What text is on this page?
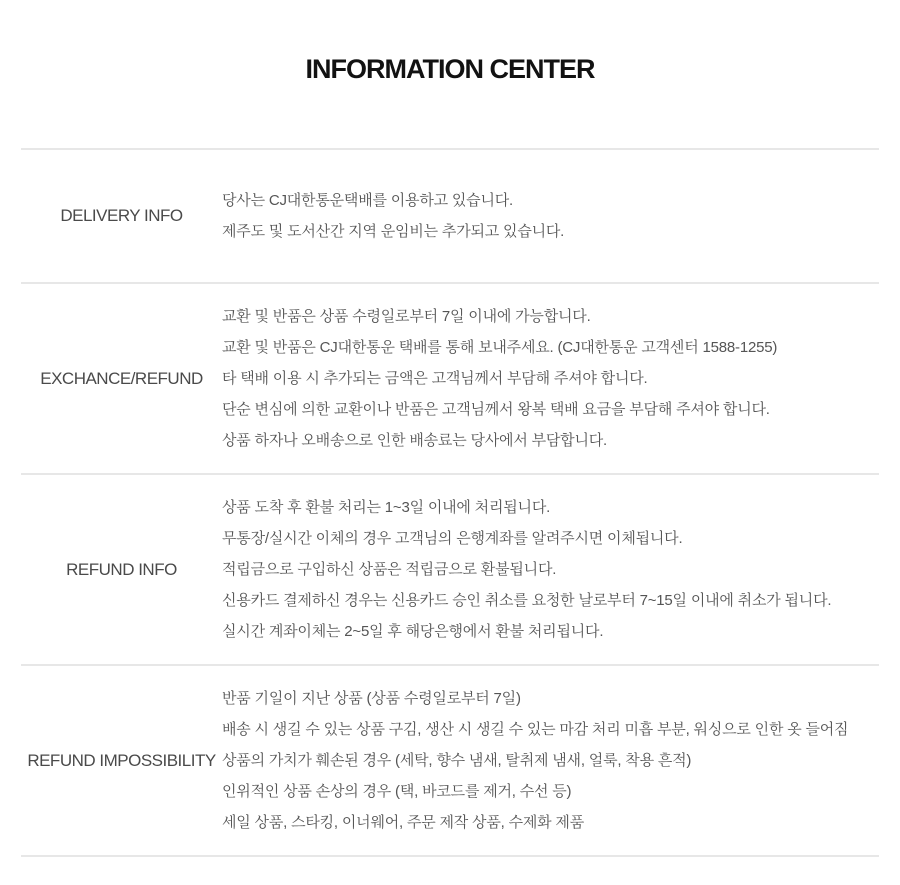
INFORMATION CENTER
DELIVERY INFO

당사는 CJ대한통운택배를 이용하고 있습니다.

제주도 및 도서산간 지역 운임비는 추가되고 있습니다.

EXCHANCE/REFUND

교환 및 반품은 상품 수령일로부터 7일 이내에 가능합니다.

교환 및 반품은 CJ대한통운 택배를 통해 보내주세요. (CJ대한통운 고객센터 1588-1255)

타 택배 이용 시 추가되는 금액은 고객님께서 부담해 주셔야 합니다.

단순 변심에 의한 교환이나 반품은 고객님께서 왕복 택배 요금을 부담해 주셔야 합니다.

상품 하자나 오배송으로 인한 배송료는 당사에서 부담합니다.

REFUND INFO

상품 도착 후 환불 처리는 1~3일 이내에 처리됩니다.

무통장/실시간 이체의 경우 고객님의 은행계좌를 알려주시면 이체됩니다.

적립금으로 구입하신 상품은 적립금으로 환불됩니다.

신용카드 결제하신 경우는 신용카드 승인 취소를 요청한 날로부터 7~15일 이내에 취소가 됩니다.

실시간 계좌이체는 2~5일 후 해당은행에서 환불 처리됩니다.

REFUND IMPOSSIBILITY

반품 기일이 지난 상품 (상품 수령일로부터 7일)

배송 시 생길 수 있는 상품 구김, 생산 시 생길 수 있는 마감 처리 미흡 부분, 워싱으로 인한 옷 들어짐

상품의 가치가 훼손된 경우 (세탁, 향수 냄새, 탈취제 냄새, 얼룩, 착용 흔적)

인위적인 상품 손상의 경우 (택, 바코드를 제거, 수선 등)

세일 상품, 스타킹, 이너웨어, 주문 제작 상품, 수제화 제품
